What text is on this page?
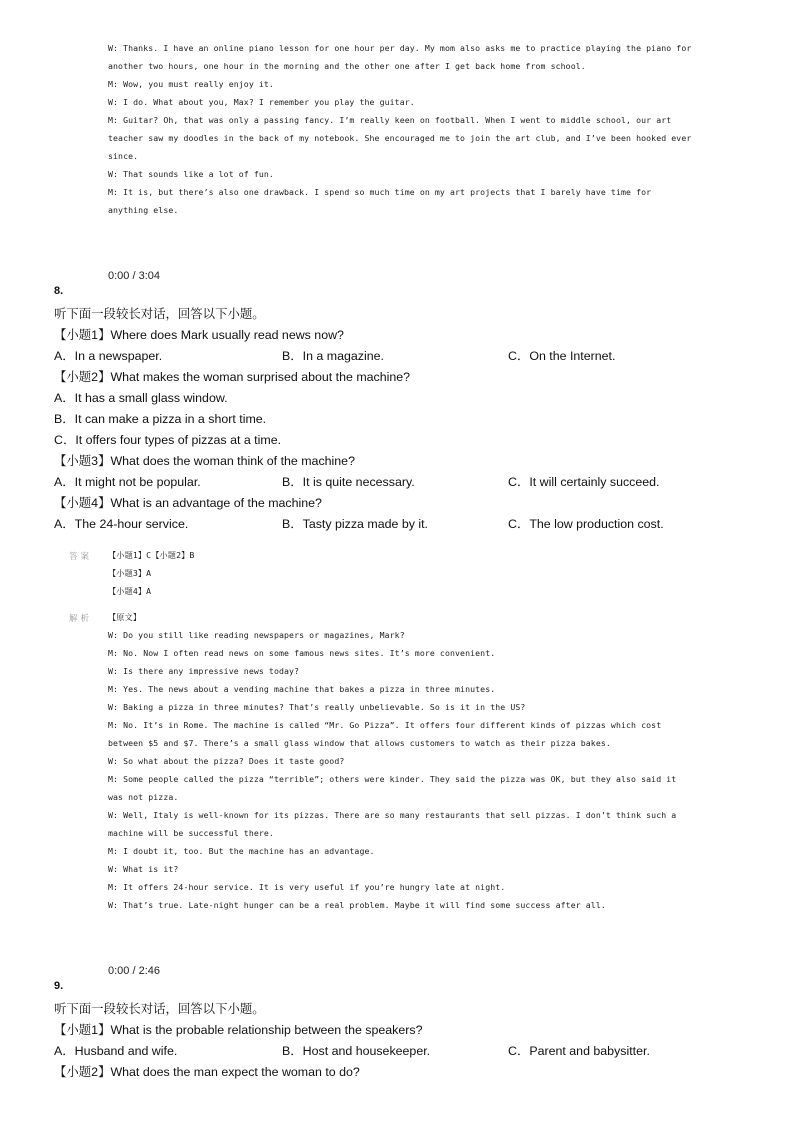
W: Thanks. I have an online piano lesson for one hour per day. My mom also asks me to practice playing the piano for
another two hours, one hour in the morning and the other one after I get back home from school.
M: Wow, you must really enjoy it.
W: I do. What about you, Max? I remember you play the guitar.
M: Guitar? Oh, that was only a passing fancy. I’m really keen on football. When I went to middle school, our art
teacher saw my doodles in the back of my notebook. She encouraged me to join the art club, and I’ve been hooked ever
since.
W: That sounds like a lot of fun.
M: It is, but there’s also one drawback. I spend so much time on my art projects that I barely have time for
anything else.
0:00 / 3:04
8.
听下面一段较长对话，回答以下小题。
【小题1】Where does Mark usually read news now?
A．In a newspaper.	B．In a magazine.	C．On the Internet.
【小题2】What makes the woman surprised about the machine?
A．It has a small glass window.
B．It can make a pizza in a short time.
C．It offers four types of pizzas at a time.
【小题3】What does the woman think of the machine?
A．It might not be popular.	B．It is quite necessary.	C．It will certainly succeed.
【小题4】What is an advantage of the machine?
A．The 24-hour service.	B．Tasty pizza made by it.	C．The low production cost.
答案 【小题1】C【小题2】B
【小题3】A
【小题4】A
解析 【原文】
W: Do you still like reading newspapers or magazines, Mark?
M: No. Now I often read news on some famous news sites. It’s more convenient.
W: Is there any impressive news today?
M: Yes. The news about a vending machine that bakes a pizza in three minutes.
W: Baking a pizza in three minutes? That’s really unbelievable. So is it in the US?
M: No. It’s in Rome. The machine is called “Mr. Go Pizza”. It offers four different kinds of pizzas which cost
between $5 and $7. There’s a small glass window that allows customers to watch as their pizza bakes.
W: So what about the pizza? Does it taste good?
M: Some people called the pizza “terrible”; others were kinder. They said the pizza was OK, but they also said it
was not pizza.
W: Well, Italy is well-known for its pizzas. There are so many restaurants that sell pizzas. I don’t think such a
machine will be successful there.
M: I doubt it, too. But the machine has an advantage.
W: What is it?
M: It offers 24-hour service. It is very useful if you’re hungry late at night.
W: That’s true. Late-night hunger can be a real problem. Maybe it will find some success after all.
0:00 / 2:46
9.
听下面一段较长对话，回答以下小题。
【小题1】What is the probable relationship between the speakers?
A．Husband and wife.	B．Host and housekeeper.	C．Parent and babysitter.
【小题2】What does the man expect the woman to do?
